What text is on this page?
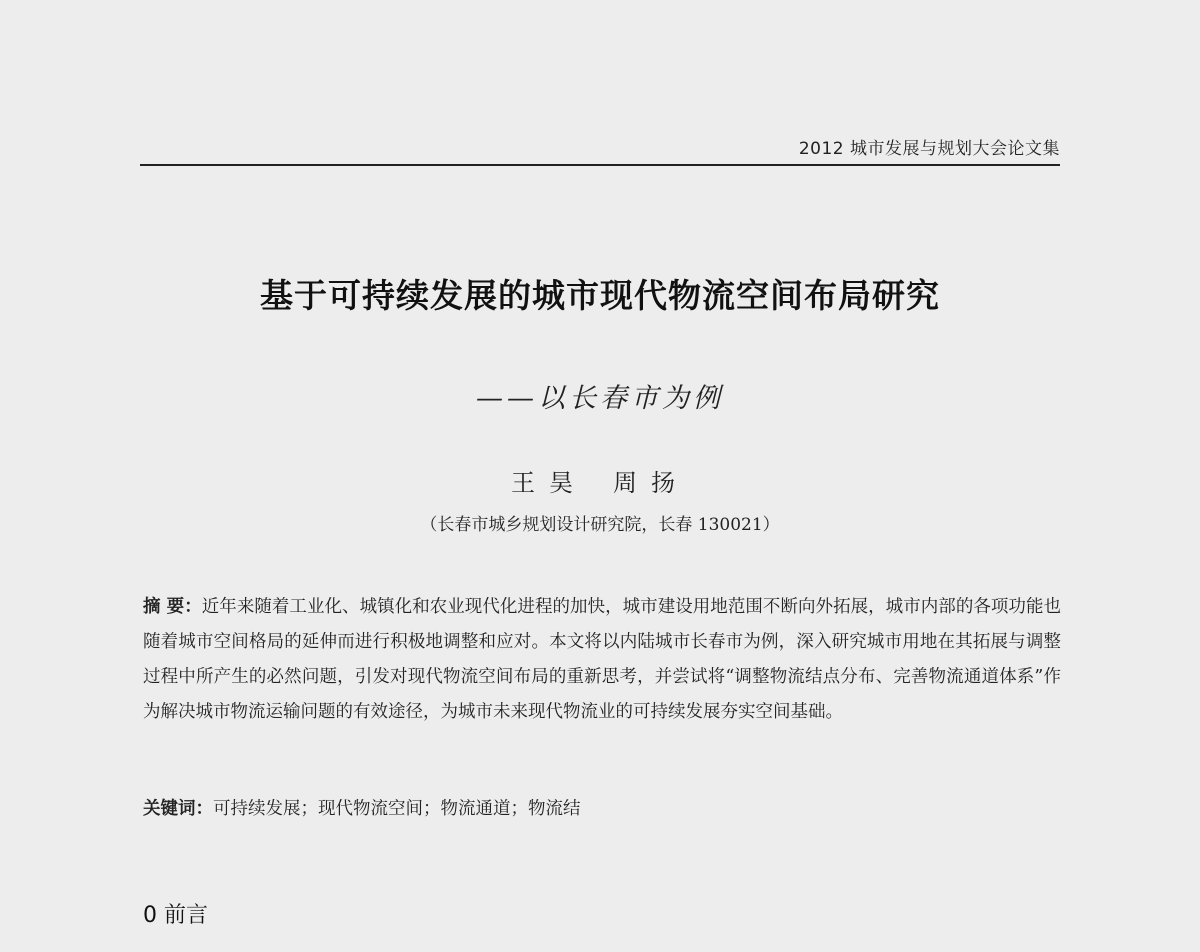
2012 城市发展与规划大会论文集
基于可持续发展的城市现代物流空间布局研究
——以长春市为例
王昊 周扬
（长春市城乡规划设计研究院，长春 130021）
摘 要：近年来随着工业化、城镇化和农业现代化进程的加快，城市建设用地范围不断向外拓展，城市内部的各项功能也随着城市空间格局的延伸而进行积极地调整和应对。本文将以内陆城市长春市为例，深入研究城市用地在其拓展与调整过程中所产生的必然问题，引发对现代物流空间布局的重新思考，并尝试将“调整物流结点分布、完善物流通道体系”作为解决城市物流运输问题的有效途径，为城市未来现代物流业的可持续发展夯实空间基础。
关键词：可持续发展；现代物流空间；物流通道；物流结
0 前言
